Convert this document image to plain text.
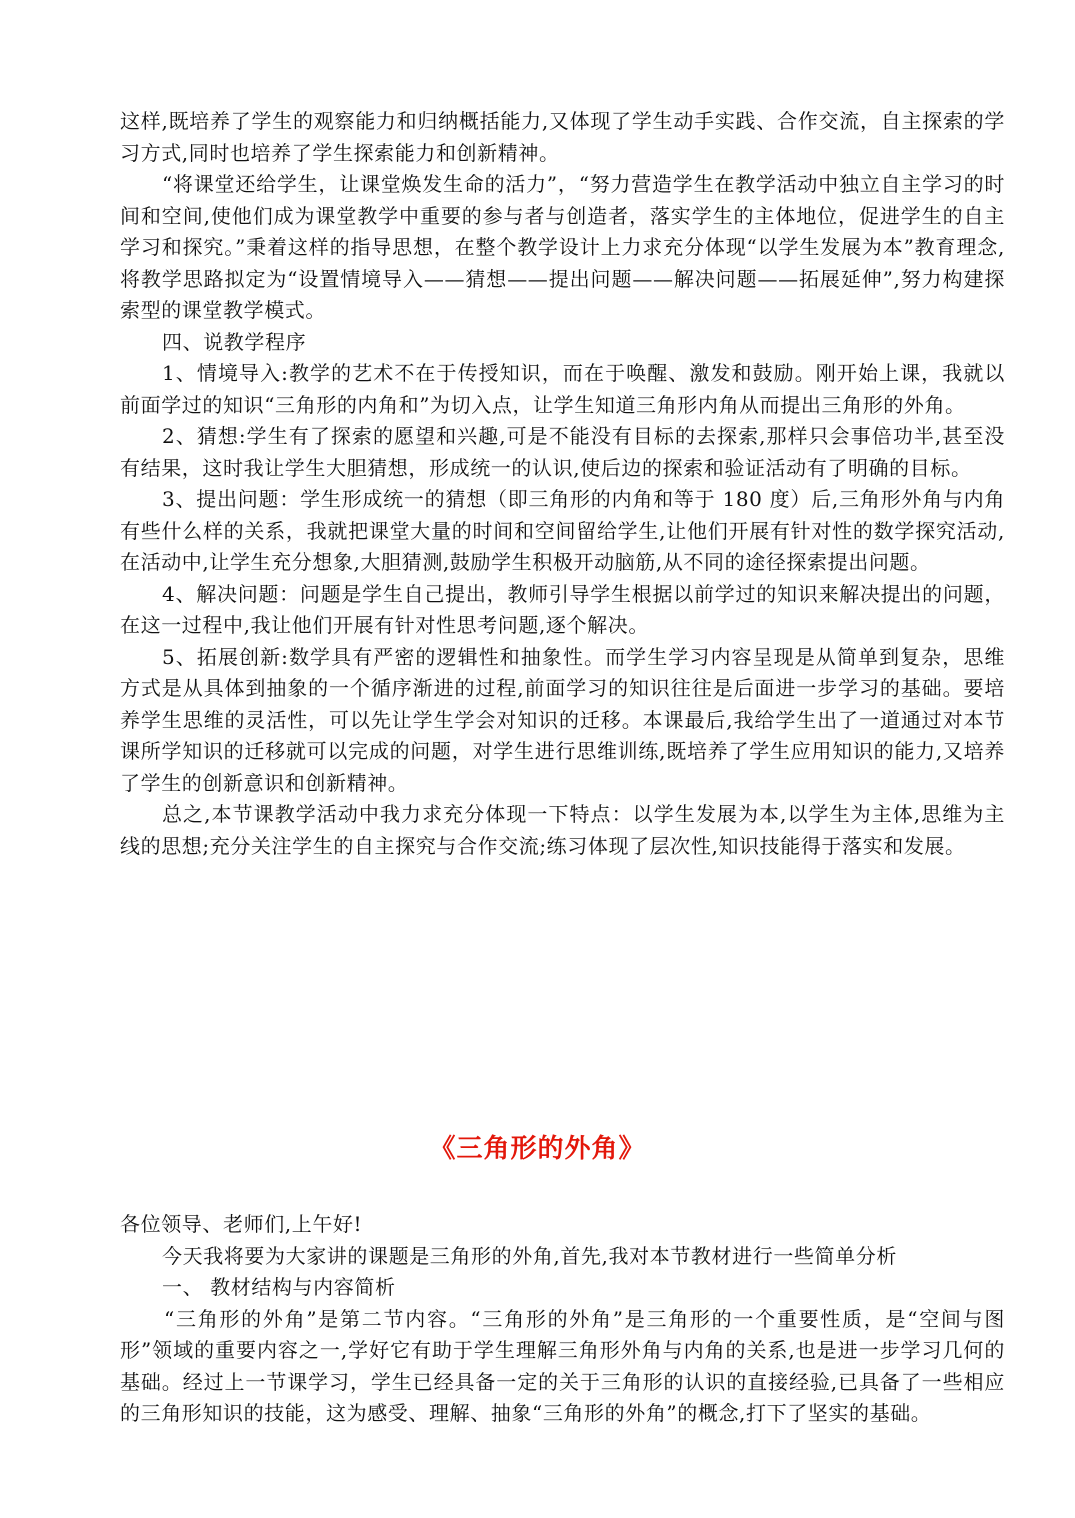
这样,既培养了学生的观察能力和归纳概括能力,又体现了学生动手实践、合作交流，自主探索的学习方式,同时也培养了学生探索能力和创新精神。

“将课堂还给学生，让课堂焕发生命的活力”，“努力营造学生在教学活动中独立自主学习的时间和空间,使他们成为课堂教学中重要的参与者与创造者，落实学生的主体地位，促进学生的自主学习和探究。”秉着这样的指导思想，在整个教学设计上力求充分体现“以学生发展为本”教育理念,将教学思路拟定为“设置情境导入——猜想——提出问题——解决问题——拓展延伸”,努力构建探索型的课堂教学模式。

四、说教学程序

1、情境导入:教学的艺术不在于传授知识，而在于唤醒、激发和鼓励。刚开始上课，我就以前面学过的知识“三角形的内角和”为切入点，让学生知道三角形内角从而提出三角形的外角。

2、猜想:学生有了探索的愿望和兴趣,可是不能没有目标的去探索,那样只会事倍功半,甚至没有结果，这时我让学生大胆猜想，形成统一的认识,使后边的探索和验证活动有了明确的目标。

3、提出问题：学生形成统一的猜想（即三角形的内角和等于 180 度）后,三角形外角与内角有些什么样的关系，我就把课堂大量的时间和空间留给学生,让他们开展有针对性的数学探究活动,在活动中,让学生充分想象,大胆猜测,鼓励学生积极开动脑筋,从不同的途径探索提出问题。

4、解决问题：问题是学生自己提出，教师引导学生根据以前学过的知识来解决提出的问题，在这一过程中,我让他们开展有针对性思考问题,逐个解决。

5、拓展创新:数学具有严密的逻辑性和抽象性。而学生学习内容呈现是从简单到复杂，思维方式是从具体到抽象的一个循序渐进的过程,前面学习的知识往往是后面进一步学习的基础。要培养学生思维的灵活性，可以先让学生学会对知识的迁移。本课最后,我给学生出了一道通过对本节课所学知识的迁移就可以完成的问题，对学生进行思维训练,既培养了学生应用知识的能力,又培养了学生的创新意识和创新精神。

总之,本节课教学活动中我力求充分体现一下特点：以学生发展为本,以学生为主体,思维为主线的思想;充分关注学生的自主探究与合作交流;练习体现了层次性,知识技能得于落实和发展。

《三角形的外角》

各位领导、老师们,上午好!

今天我将要为大家讲的课题是三角形的外角,首先,我对本节教材进行一些简单分析

一、 教材结构与内容简析

“三角形的外角”是第二节内容。“三角形的外角”是三角形的一个重要性质，是“空间与图形”领域的重要内容之一,学好它有助于学生理解三角形外角与内角的关系,也是进一步学习几何的基础。经过上一节课学习，学生已经具备一定的关于三角形的认识的直接经验,已具备了一些相应的三角形知识的技能，这为感受、理解、抽象“三角形的外角”的概念,打下了坚实的基础。
